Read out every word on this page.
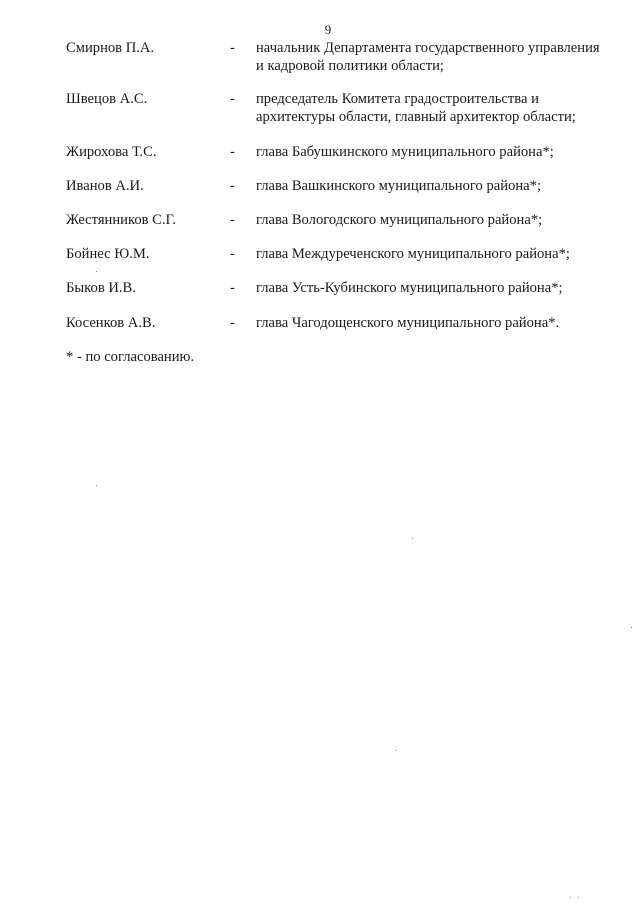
9
Смирнов П.А.	- начальник Департамента государственного управления и кадровой политики области;
Швецов А.С.	- председатель Комитета градостроительства и архитектуры области, главный архитектор области;
Жирохова Т.С.	- глава Бабушкинского муниципального района*;
Иванов А.И.	- глава Вашкинского муниципального района*;
Жестянников С.Г.	- глава Вологодского муниципального района*;
Бойнес Ю.М.	- глава Междуреченского муниципального района*;
Быков И.В.	- глава Усть-Кубинского муниципального района*;
Косенков А.В.	- глава Чагодощенского муниципального района*.
* - по согласованию.
